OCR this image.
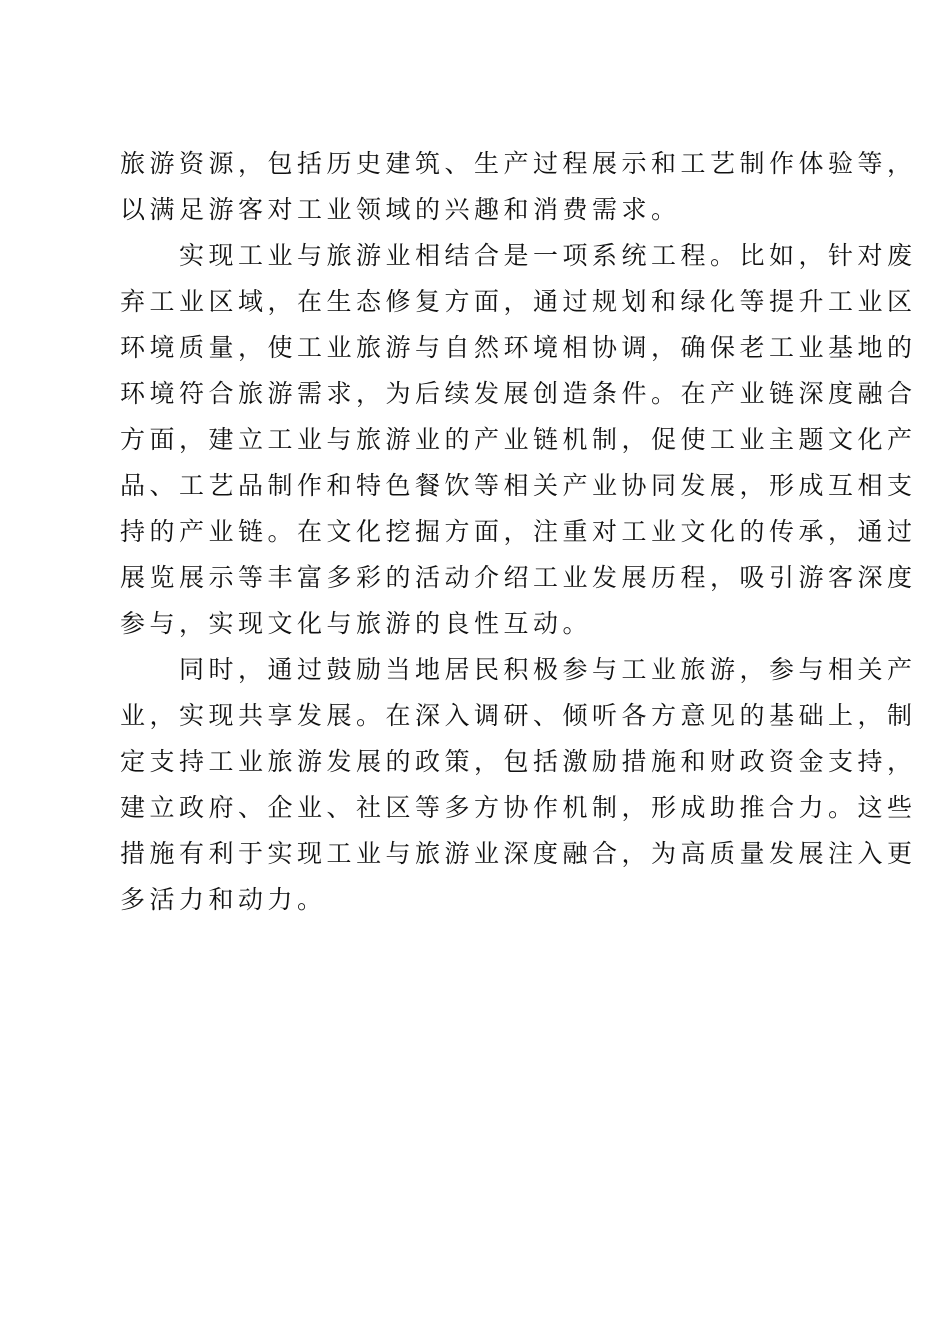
旅游资源，包括历史建筑、生产过程展示和工艺制作体验等，
以满足游客对工业领域的兴趣和消费需求。
　　实现工业与旅游业相结合是一项系统工程。比如，针对废
弃工业区域，在生态修复方面，通过规划和绿化等提升工业区
环境质量，使工业旅游与自然环境相协调，确保老工业基地的
环境符合旅游需求，为后续发展创造条件。在产业链深度融合
方面，建立工业与旅游业的产业链机制，促使工业主题文化产
品、工艺品制作和特色餐饮等相关产业协同发展，形成互相支
持的产业链。在文化挖掘方面，注重对工业文化的传承，通过
展览展示等丰富多彩的活动介绍工业发展历程，吸引游客深度
参与，实现文化与旅游的良性互动。
　　同时，通过鼓励当地居民积极参与工业旅游，参与相关产
业，实现共享发展。在深入调研、倾听各方意见的基础上，制
定支持工业旅游发展的政策，包括激励措施和财政资金支持，
建立政府、企业、社区等多方协作机制，形成助推合力。这些
措施有利于实现工业与旅游业深度融合，为高质量发展注入更
多活力和动力。
